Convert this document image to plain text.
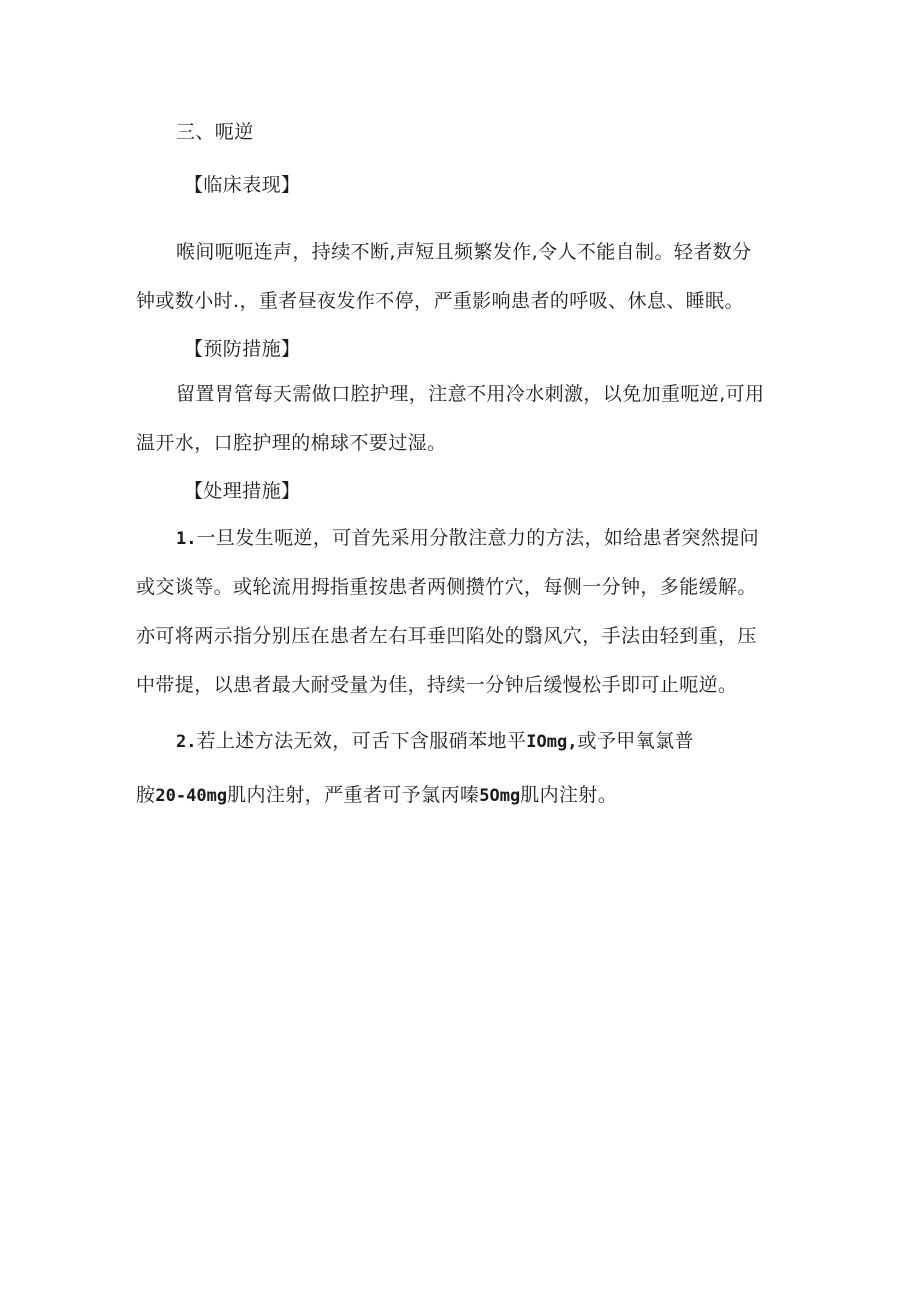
三、呃逆
【临床表现】
喉间呃呃连声，持续不断,声短且频繁发作,令人不能自制。轻者数分
钟或数小时.，重者昼夜发作不停，严重影响患者的呼吸、休息、睡眠。
【预防措施】
留置胃管每天需做口腔护理，注意不用冷水刺激，以免加重呃逆,可用
温开水，口腔护理的棉球不要过湿。
【处理措施】
1.一旦发生呃逆，可首先采用分散注意力的方法，如给患者突然提问
或交谈等。或轮流用拇指重按患者两侧攒竹穴，每侧一分钟，多能缓解。
亦可将两示指分别压在患者左右耳垂凹陷处的翳风穴，手法由轻到重，压
中带提，以患者最大耐受量为佳，持续一分钟后缓慢松手即可止呃逆。
2.若上述方法无效，可舌下含服硝苯地平IOmg,或予甲氧氯普
胺20-40mg肌内注射，严重者可予氯丙嗪5Omg肌内注射。
